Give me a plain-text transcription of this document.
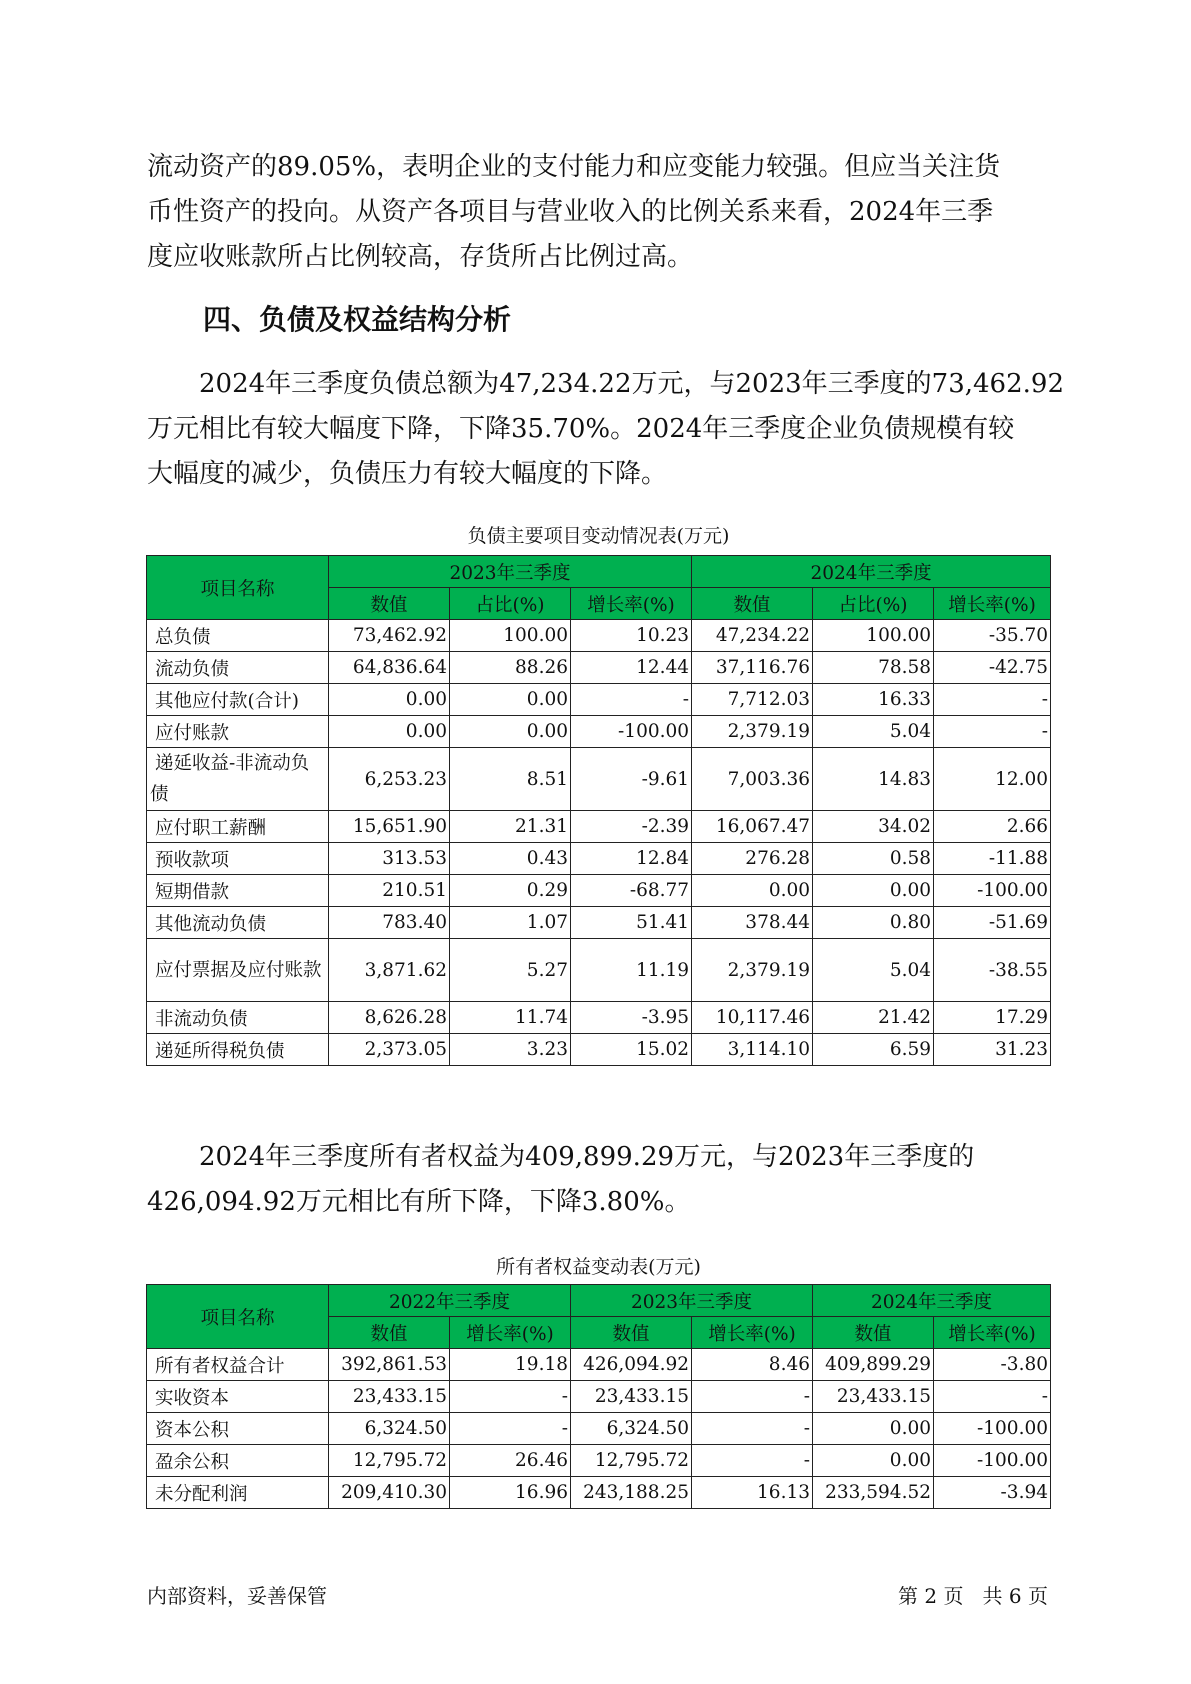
流动资产的89.05%，表明企业的支付能力和应变能力较强。但应当关注货
币性资产的投向。从资产各项目与营业收入的比例关系来看，2024年三季
度应收账款所占比例较高，存货所占比例过高。

四、负债及权益结构分析

2024年三季度负债总额为47,234.22万元，与2023年三季度的73,462.92
万元相比有较大幅度下降，下降35.70%。2024年三季度企业负债规模有较
大幅度的减少，负债压力有较大幅度的下降。

负债主要项目变动情况表(万元)

项目名称	2023年三季度			2024年三季度		
	数值	占比(%)	增长率(%)	数值	占比(%)	增长率(%)
总负债	73,462.92	100.00	10.23	47,234.22	100.00	-35.70
流动负债	64,836.64	88.26	12.44	37,116.76	78.58	-42.75
其他应付款(合计)	0.00	0.00	-	7,712.03	16.33	-
应付账款	0.00	0.00	-100.00	2,379.19	5.04	-
递延收益-非流动负债	6,253.23	8.51	-9.61	7,003.36	14.83	12.00
应付职工薪酬	15,651.90	21.31	-2.39	16,067.47	34.02	2.66
预收款项	313.53	0.43	12.84	276.28	0.58	-11.88
短期借款	210.51	0.29	-68.77	0.00	0.00	-100.00
其他流动负债	783.40	1.07	51.41	378.44	0.80	-51.69
应付票据及应付账款	3,871.62	5.27	11.19	2,379.19	5.04	-38.55
非流动负债	8,626.28	11.74	-3.95	10,117.46	21.42	17.29
递延所得税负债	2,373.05	3.23	15.02	3,114.10	6.59	31.23

2024年三季度所有者权益为409,899.29万元，与2023年三季度的
426,094.92万元相比有所下降，下降3.80%。

所有者权益变动表(万元)

项目名称	2022年三季度		2023年三季度		2024年三季度	
	数值	增长率(%)	数值	增长率(%)	数值	增长率(%)
所有者权益合计	392,861.53	19.18	426,094.92	8.46	409,899.29	-3.80
实收资本	23,433.15	-	23,433.15	-	23,433.15	-
资本公积	6,324.50	-	6,324.50	-	0.00	-100.00
盈余公积	12,795.72	26.46	12,795.72	-	0.00	-100.00
未分配利润	209,410.30	16.96	243,188.25	16.13	233,594.52	-3.94

内部资料，妥善保管	第 2 页   共 6 页
